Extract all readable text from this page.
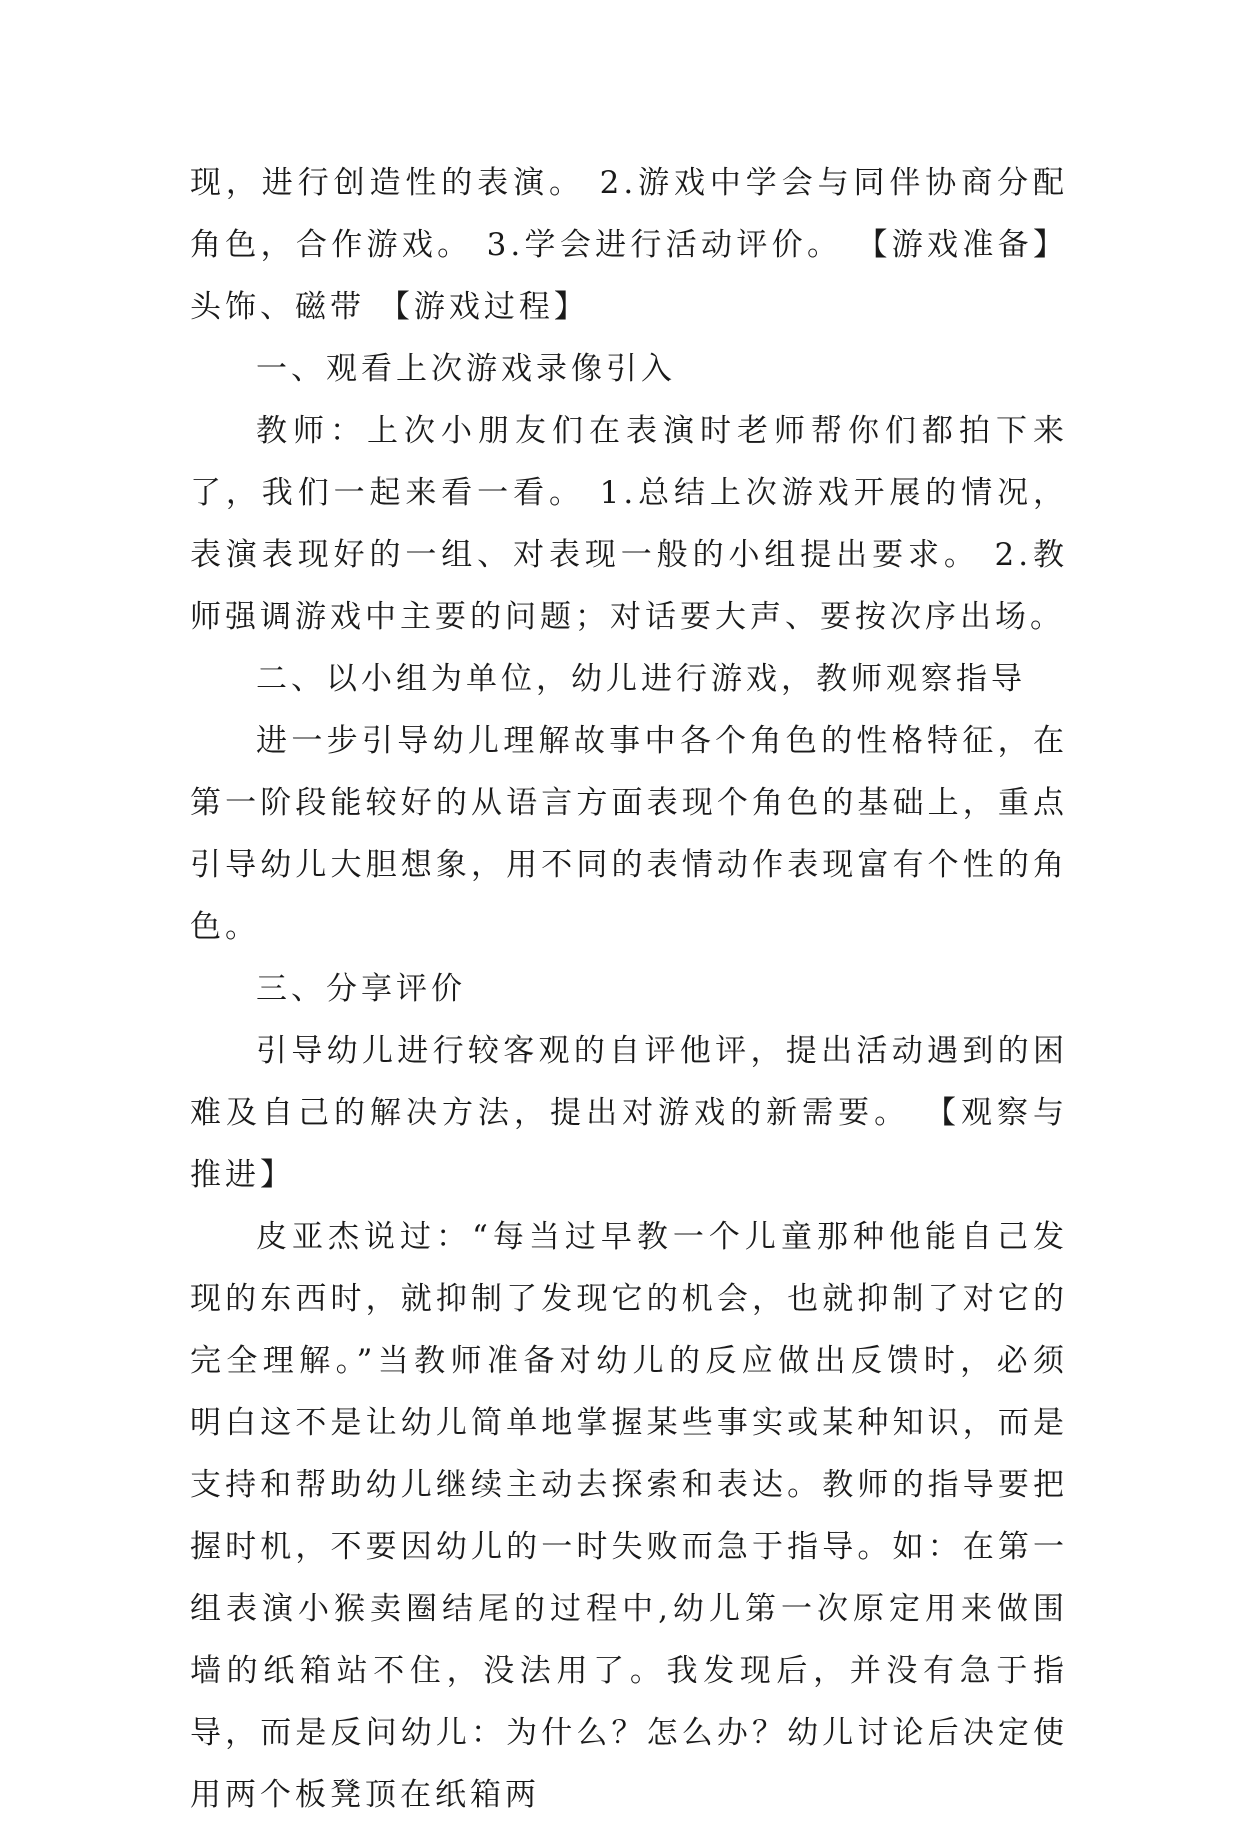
现，进行创造性的表演。 2.游戏中学会与同伴协商分配角色，合作游戏。 3.学会进行活动评价。 【游戏准备】头饰、磁带 【游戏过程】

一、观看上次游戏录像引入

教师：上次小朋友们在表演时老师帮你们都拍下来了，我们一起来看一看。 1.总结上次游戏开展的情况，表演表现好的一组、对表现一般的小组提出要求。 2.教师强调游戏中主要的问题；对话要大声、要按次序出场。

二、以小组为单位，幼儿进行游戏，教师观察指导

进一步引导幼儿理解故事中各个角色的性格特征，在第一阶段能较好的从语言方面表现个角色的基础上，重点引导幼儿大胆想象，用不同的表情动作表现富有个性的角色。

三、分享评价

引导幼儿进行较客观的自评他评，提出活动遇到的困难及自己的解决方法，提出对游戏的新需要。 【观察与推进】

皮亚杰说过：“每当过早教一个儿童那种他能自己发现的东西时，就抑制了发现它的机会，也就抑制了对它的完全理解。”当教师准备对幼儿的反应做出反馈时，必须明白这不是让幼儿简单地掌握某些事实或某种知识，而是支持和帮助幼儿继续主动去探索和表达。教师的指导要把握时机，不要因幼儿的一时失败而急于指导。如：在第一组表演小猴卖圈结尾的过程中,幼儿第一次原定用来做围墙的纸箱站不住，没法用了。我发现后，并没有急于指导，而是反问幼儿：为什么？怎么办？幼儿讨论后决定使用两个板凳顶在纸箱两
